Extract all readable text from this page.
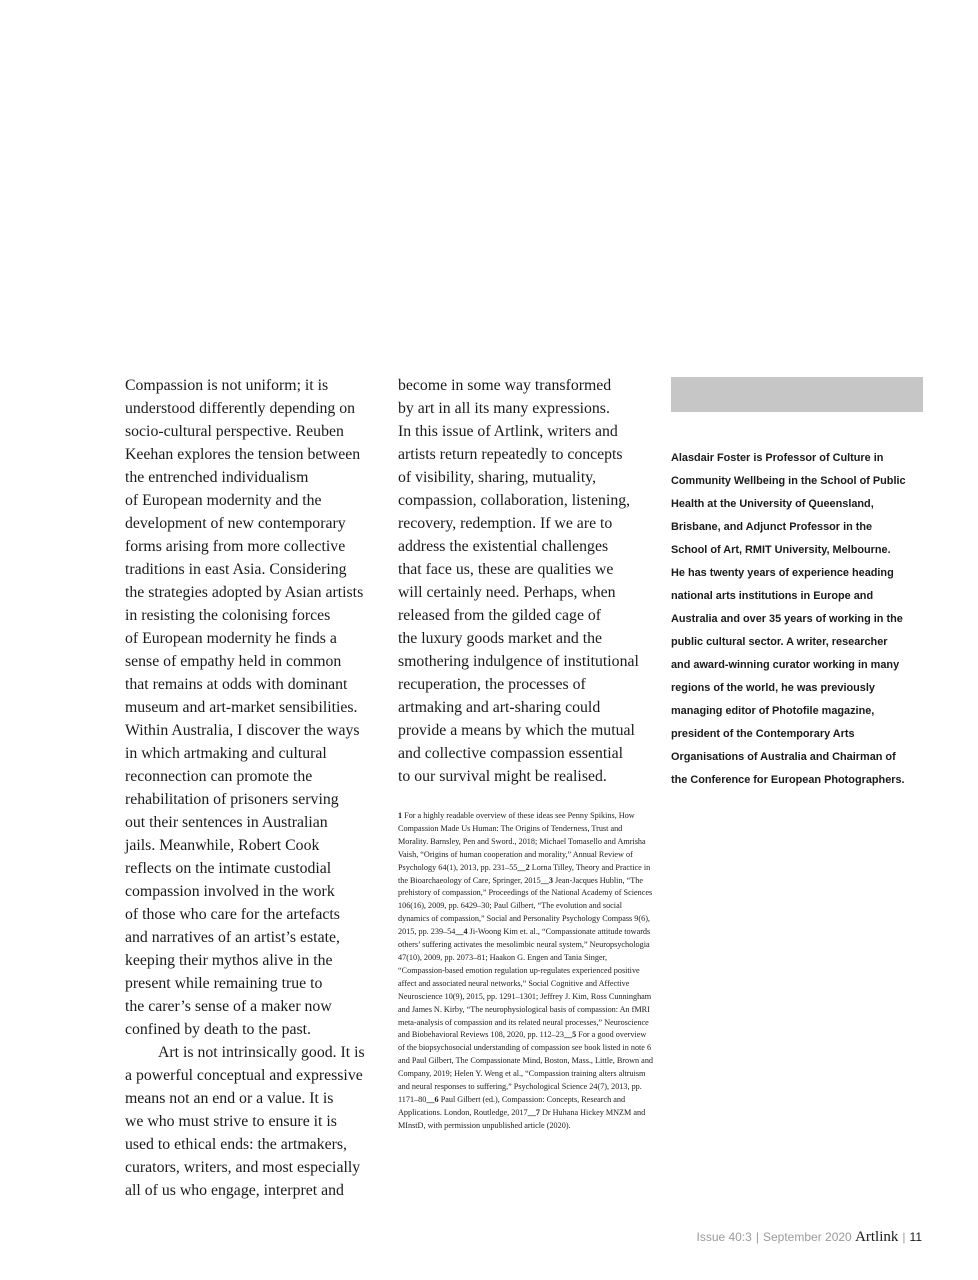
Compassion is not uniform; it is
understood differently depending on
socio-cultural perspective. Reuben
Keehan explores the tension between
the entrenched individualism
of European modernity and the
development of new contemporary
forms arising from more collective
traditions in east Asia. Considering
the strategies adopted by Asian artists
in resisting the colonising forces
of European modernity he finds a
sense of empathy held in common
that remains at odds with dominant
museum and art-market sensibilities.
Within Australia, I discover the ways
in which artmaking and cultural
reconnection can promote the
rehabilitation of prisoners serving
out their sentences in Australian
jails. Meanwhile, Robert Cook
reflects on the intimate custodial
compassion involved in the work
of those who care for the artefacts
and narratives of an artist’s estate,
keeping their mythos alive in the
present while remaining true to
the carer’s sense of a maker now
confined by death to the past.
Art is not intrinsically good. It is
a powerful conceptual and expressive
means not an end or a value. It is
we who must strive to ensure it is
used to ethical ends: the artmakers,
curators, writers, and most especially
all of us who engage, interpret and
become in some way transformed
by art in all its many expressions.
In this issue of Artlink, writers and
artists return repeatedly to concepts
of visibility, sharing, mutuality,
compassion, collaboration, listening,
recovery, redemption. If we are to
address the existential challenges
that face us, these are qualities we
will certainly need. Perhaps, when
released from the gilded cage of
the luxury goods market and the
smothering indulgence of institutional
recuperation, the processes of
artmaking and art-sharing could
provide a means by which the mutual
and collective compassion essential
to our survival might be realised.
1 For a highly readable overview of these ideas see Penny Spikins, How Compassion Made Us Human: The Origins of Tenderness, Trust and Morality. Barnsley, Pen and Sword., 2018; Michael Tomasello and Amrisha Vaish, “Origins of human cooperation and morality,” Annual Review of Psychology 64(1), 2013, pp. 231–55__2 Lorna Tilley, Theory and Practice in the Bioarchaeology of Care, Springer, 2015__3 Jean-Jacques Hublin, “The prehistory of compassion,” Proceedings of the National Academy of Sciences 106(16), 2009, pp. 6429–30; Paul Gilbert, “The evolution and social dynamics of compassion,” Social and Personality Psychology Compass 9(6), 2015, pp. 239–54__4 Ji-Woong Kim et. al., “Compassionate attitude towards others’ suffering activates the mesolimbic neural system,” Neuropsychologia 47(10), 2009, pp. 2073–81; Haakon G. Engen and Tania Singer, “Compassion-based emotion regulation up-regulates experienced positive affect and associated neural networks,” Social Cognitive and Affective Neuroscience 10(9), 2015, pp. 1291–1301; Jeffrey J. Kim, Ross Cunningham and James N. Kirby, “The neurophysiological basis of compassion: An fMRI meta-analysis of compassion and its related neural processes,” Neuroscience and Biobehavioral Reviews 108, 2020, pp. 112–23__5 For a good overview of the biopsychosocial understanding of compassion see book listed in note 6 and Paul Gilbert, The Compassionate Mind, Boston, Mass., Little, Brown and Company, 2019; Helen Y. Weng et al., “Compassion training alters altruism and neural responses to suffering,” Psychological Science 24(7), 2013, pp. 1171–80__6 Paul Gilbert (ed.), Compassion: Concepts, Research and Applications. London, Routledge, 2017__7 Dr Huhana Hickey MNZM and MInstD, with permission unpublished article (2020).
Alasdair Foster is Professor of Culture in
Community Wellbeing in the School of Public
Health at the University of Queensland,
Brisbane, and Adjunct Professor in the
School of Art, RMIT University, Melbourne.
He has twenty years of experience heading
national arts institutions in Europe and
Australia and over 35 years of working in the
public cultural sector. A writer, researcher
and award-winning curator working in many
regions of the world, he was previously
managing editor of Photofile magazine,
president of the Contemporary Arts
Organisations of Australia and Chairman of
the Conference for European Photographers.
Issue 40:3 | September 2020 Artlink | 11
